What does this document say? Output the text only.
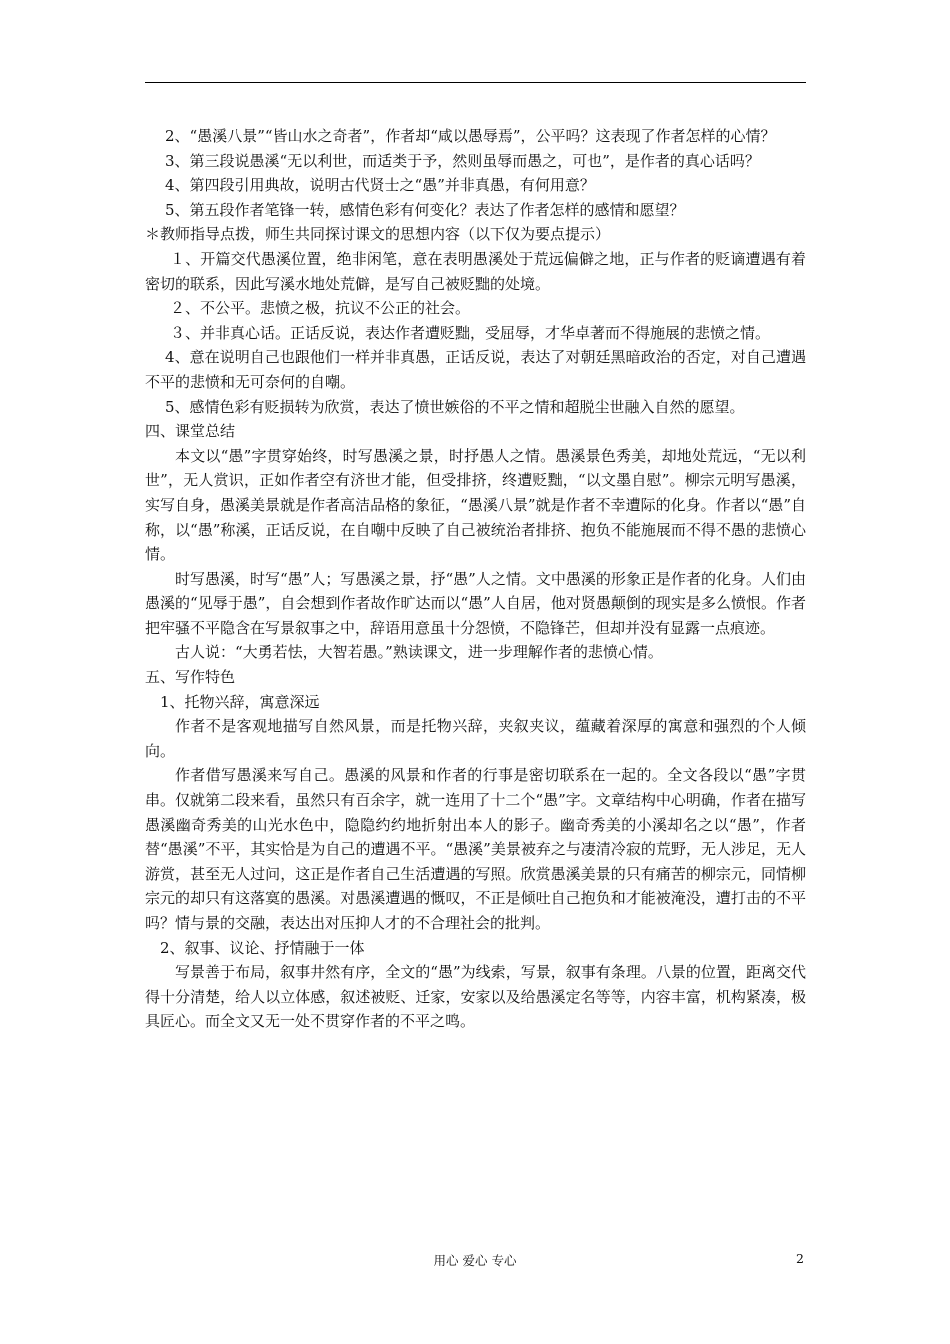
2、“愚溪八景”“皆山水之奇者”，作者却“咸以愚辱焉”，公平吗？这表现了作者怎样的心情？

3、第三段说愚溪“无以利世，而适类于予，然则虽辱而愚之，可也”，是作者的真心话吗？

4、第四段引用典故，说明古代贤士之“愚”并非真愚，有何用意？

5、第五段作者笔锋一转，感情色彩有何变化？表达了作者怎样的感情和愿望？

＊教师指导点拨，师生共同探讨课文的思想内容（以下仅为要点提示）

１、开篇交代愚溪位置，绝非闲笔，意在表明愚溪处于荒远偏僻之地，正与作者的贬谪遭遇有着密切的联系，因此写溪水地处荒僻，是写自己被贬黜的处境。

２、不公平。悲愤之极，抗议不公正的社会。

３、并非真心话。正话反说，表达作者遭贬黜，受屈辱，才华卓著而不得施展的悲愤之情。

4、意在说明自己也跟他们一样并非真愚，正话反说，表达了对朝廷黑暗政治的否定，对自己遭遇不平的悲愤和无可奈何的自嘲。

5、感情色彩有贬损转为欣赏，表达了愤世嫉俗的不平之情和超脱尘世融入自然的愿望。

四、课堂总结

本文以“愚”字贯穿始终，时写愚溪之景，时抒愚人之情。愚溪景色秀美，却地处荒远，“无以利世”，无人赏识，正如作者空有济世才能，但受排挤，终遭贬黜，“以文墨自慰”。柳宗元明写愚溪，实写自身，愚溪美景就是作者高洁品格的象征，“愚溪八景”就是作者不幸遭际的化身。作者以“愚”自称，以“愚”称溪，正话反说，在自嘲中反映了自己被统治者排挤、抱负不能施展而不得不愚的悲愤心情。

时写愚溪，时写“愚”人；写愚溪之景，抒“愚”人之情。文中愚溪的形象正是作者的化身。人们由愚溪的“见辱于愚”，自会想到作者故作旷达而以“愚”人自居，他对贤愚颠倒的现实是多么愤恨。作者把牢骚不平隐含在写景叙事之中，辞语用意虽十分怨愤，不隐锋芒，但却并没有显露一点痕迹。

古人说：“大勇若怯，大智若愚。”熟读课文，进一步理解作者的悲愤心情。

五、写作特色

1、托物兴辞，寓意深远

作者不是客观地描写自然风景，而是托物兴辞，夹叙夹议，蕴藏着深厚的寓意和强烈的个人倾向。

作者借写愚溪来写自己。愚溪的风景和作者的行事是密切联系在一起的。全文各段以“愚”字贯串。仅就第二段来看，虽然只有百余字，就一连用了十二个“愚”字。文章结构中心明确，作者在描写愚溪幽奇秀美的山光水色中，隐隐约约地折射出本人的影子。幽奇秀美的小溪却名之以“愚”，作者替“愚溪”不平，其实恰是为自己的遭遇不平。“愚溪”美景被弃之与凄清冷寂的荒野，无人涉足，无人游赏，甚至无人过问，这正是作者自己生活遭遇的写照。欣赏愚溪美景的只有痛苦的柳宗元，同情柳宗元的却只有这落寞的愚溪。对愚溪遭遇的慨叹，不正是倾吐自己抱负和才能被淹没，遭打击的不平吗？情与景的交融，表达出对压抑人才的不合理社会的批判。

2、叙事、议论、抒情融于一体

写景善于布局，叙事井然有序，全文的“愚”为线索，写景，叙事有条理。八景的位置，距离交代得十分清楚，给人以立体感，叙述被贬、迁家，安家以及给愚溪定名等等，内容丰富，机构紧凑，极具匠心。而全文又无一处不贯穿作者的不平之鸣。

用心 爱心 专心	2
